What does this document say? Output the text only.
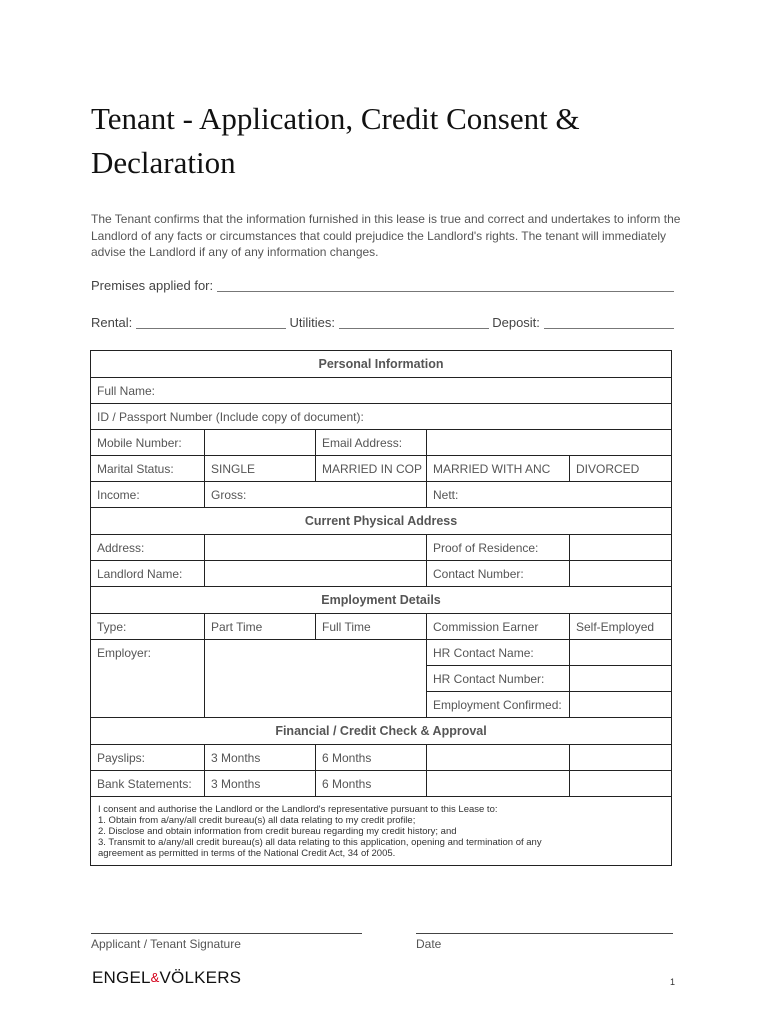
Tenant - Application, Credit Consent & Declaration

The Tenant confirms that the information furnished in this lease is true and correct and undertakes to inform the Landlord of any facts or circumstances that could prejudice the Landlord's rights. The tenant will immediately advise the Landlord if any of any information changes.

Premises applied for:
Rental:	Utilities:	Deposit:
Personal Information				
Full Name:				
ID / Passport Number (Include copy of document):				
Mobile Number:		Email Address:		
Marital Status:	SINGLE	MARRIED IN COP	MARRIED WITH ANC	DIVORCED
Income:	Gross:		Nett:	
Current Physical Address				
Address:			Proof of Residence:	
Landlord Name:			Contact Number:	
Employment Details				
Type:	Part Time	Full Time	Commission Earner	Self-Employed
Employer:			HR Contact Name:	
			HR Contact Number:	
			Employment Confirmed:	
Financial / Credit Check & Approval				
Payslips:	3 Months	6 Months		
Bank Statements:	3 Months	6 Months		

I consent and authorise the Landlord or the Landlord's representative pursuant to this Lease to:
1. Obtain from a/any/all credit bureau(s) all data relating to my credit profile;
2. Disclose and obtain information from credit bureau regarding my credit history; and
3. Transmit to a/any/all credit bureau(s) all data relating to this application, opening and termination of any
agreement as permitted in terms of the National Credit Act, 34 of 2005.				
Applicant / Tenant Signature	Date
ENGEL&VÖLKERS	1
